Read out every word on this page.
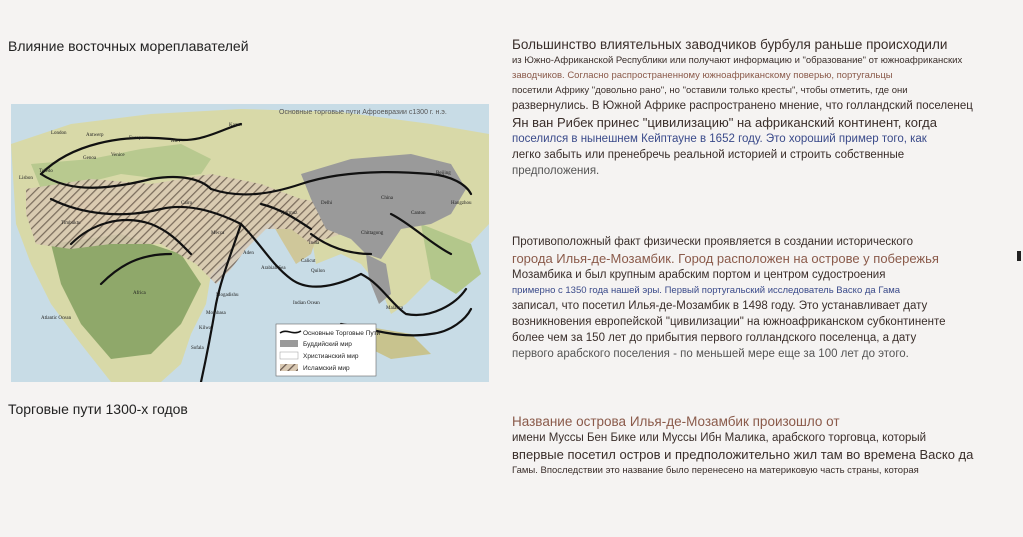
Влияние восточных мореплавателей
Основные торговые пути Афроевразии с1300 г. н.э.
London	Antwerp
Europe
Kiev
Kazan
Genoa
Venice
Toledo
Lisbon
Timbuktu
Cairo
Mecca
Aden
Hormuz
Delhi
India
Calicut
Quilon
Malacca
Canton
Beijing
Hangzhou
China
Mogadishu
Mombasa
Kilwa
Sofala
Africa
Arabian Sea
Indian Ocean
Atlantic Ocean
Chittagong
Основные Торговые Пути
Буддийский мир
Христианский мир
Исламский мир
Торговые пути 1300-х годов
Большинство влиятельных заводчиков бурбуля раньше происходили
из Южно-Африканской Республики или получают информацию и "образование" от южноафриканских
заводчиков. Согласно распространенному южноафриканскому поверью, португальцы
посетили Африку "довольно рано", но "оставили только кресты", чтобы отметить, где они
развернулись. В Южной Африке распространено мнение, что голландский поселенец
Ян ван Рибек принес "цивилизацию" на африканский континент, когда
поселился в нынешнем Кейптауне в 1652 году. Это хороший пример того, как
легко забыть или пренебречь реальной историей и строить собственные
предположения.
Противоположный факт физически проявляется в создании исторического
города Илья-де-Мозамбик. Город расположен на острове у побережья
Мозамбика и был крупным арабским портом и центром судостроения
примерно с 1350 года нашей эры. Первый португальский исследователь Васко да Гама
записал, что посетил Илья-де-Мозамбик в 1498 году. Это устанавливает дату
возникновения европейской "цивилизации" на южноафриканском субконтиненте
более чем за 150 лет до прибытия первого голландского поселенца, а дату
первого арабского поселения - по меньшей мере еще за 100 лет до этого.
Название острова Илья-де-Мозамбик произошло от
имени Муссы Бен Бике или Муссы Ибн Малика, арабского торговца, который
впервые посетил остров и предположительно жил там во времена Васко да
Гамы. Впоследствии это название было перенесено на материковую часть страны, которая
